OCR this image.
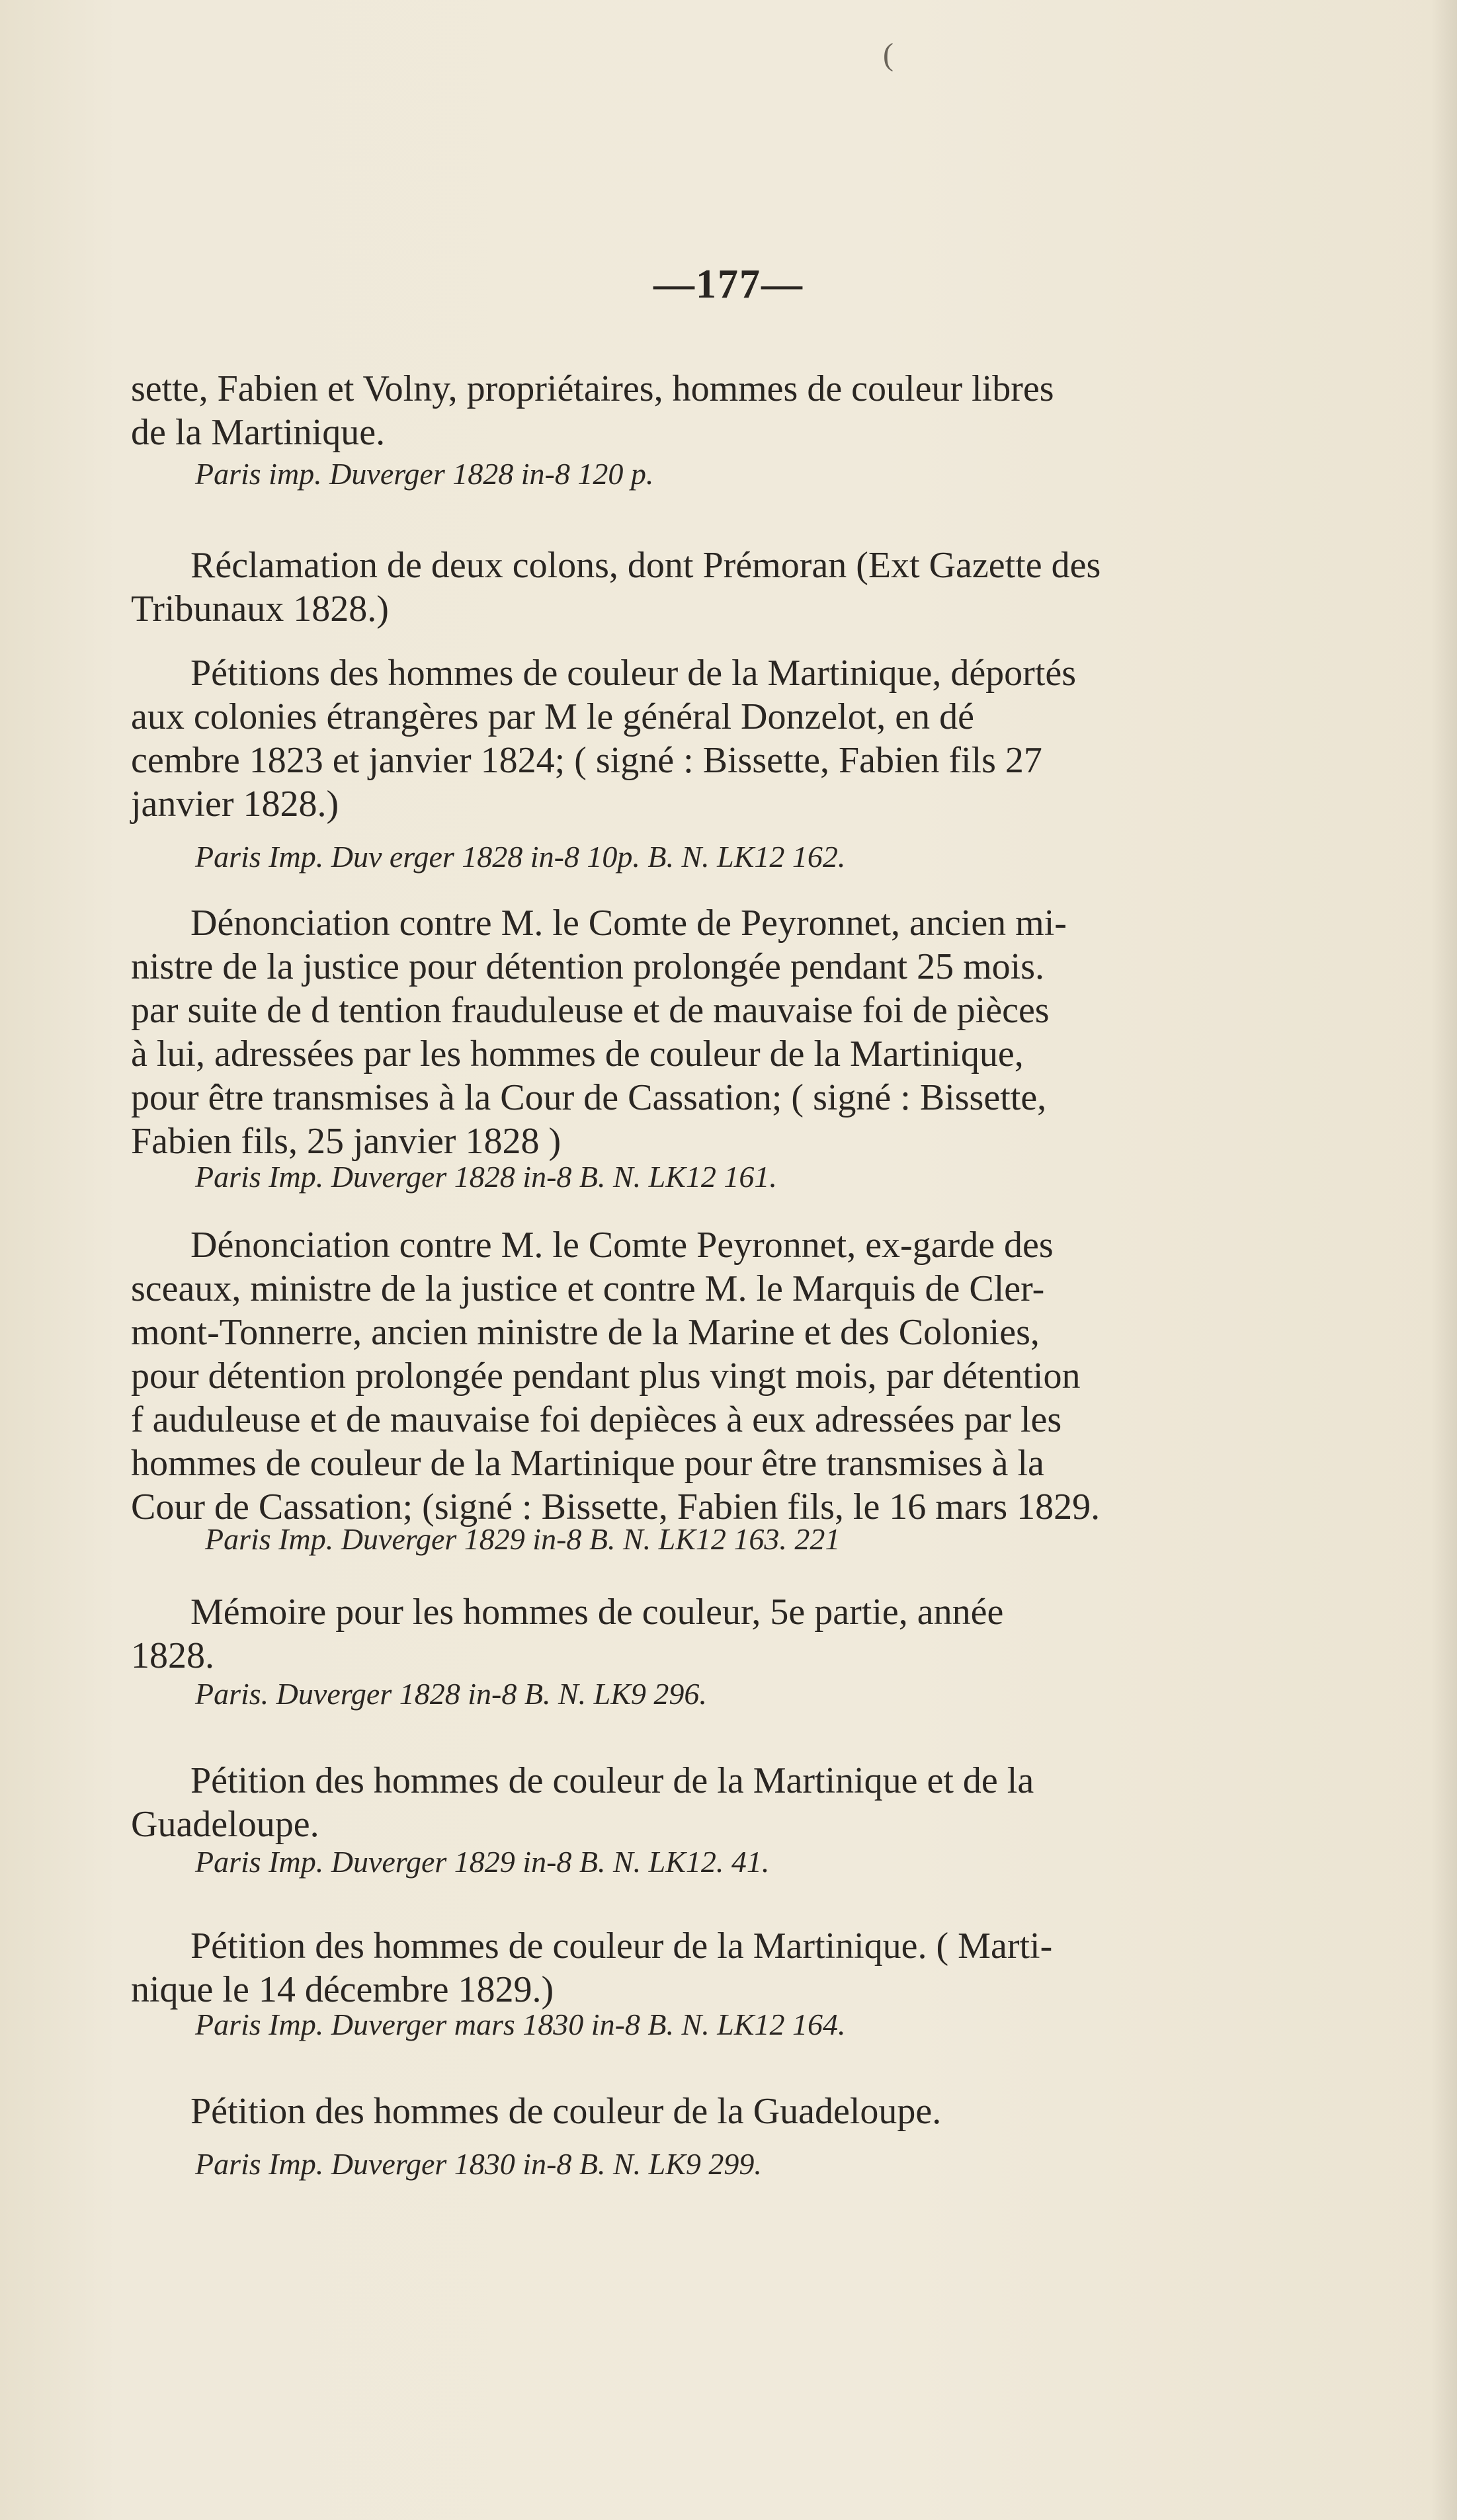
(
—177—
sette, Fabien et Volny, propriétaires, hommes de couleur libres
de la Martinique.
Paris imp. Duverger 1828 in-8 120 p.
Réclamation de deux colons, dont Prémoran (Ext Gazette des
Tribunaux 1828.)
Pétitions des hommes de couleur de la Martinique, déportés
aux colonies étrangères par M le général Donzelot, en dé
cembre 1823 et janvier 1824; ( signé : Bissette, Fabien fils 27
janvier 1828.)
Paris Imp. Duv erger 1828 in-8 10p. B. N. LK12 162.
Dénonciation contre M. le Comte de Peyronnet, ancien mi-
nistre de la justice pour détention prolongée pendant 25 mois.
par suite de d tention frauduleuse et de mauvaise foi de pièces
à lui, adressées par les hommes de couleur de la Martinique,
pour être transmises à la Cour de Cassation; ( signé : Bissette,
Fabien fils, 25 janvier 1828 )
Paris Imp. Duverger 1828 in-8 B. N. LK12 161.
Dénonciation contre M. le Comte Peyronnet, ex-garde des
sceaux, ministre de la justice et contre M. le Marquis de Cler-
mont-Tonnerre, ancien ministre de la Marine et des Colonies,
pour détention prolongée pendant plus vingt mois, par détention
f auduleuse et de mauvaise foi depièces à eux adressées par les
hommes de couleur de la Martinique pour être transmises à la
Cour de Cassation; (signé : Bissette, Fabien fils, le 16 mars 1829.
Paris Imp. Duverger 1829 in-8 B. N. LK12 163. 221
Mémoire pour les hommes de couleur, 5e partie, année
1828.
Paris. Duverger 1828 in-8 B. N. LK9 296.
Pétition des hommes de couleur de la Martinique et de la
Guadeloupe.
Paris Imp. Duverger 1829 in-8 B. N. LK12. 41.
Pétition des hommes de couleur de la Martinique. ( Marti-
nique le 14 décembre 1829.)
Paris Imp. Duverger mars 1830 in-8 B. N. LK12 164.
Pétition des hommes de couleur de la Guadeloupe.
Paris Imp. Duverger 1830 in-8 B. N. LK9 299.
